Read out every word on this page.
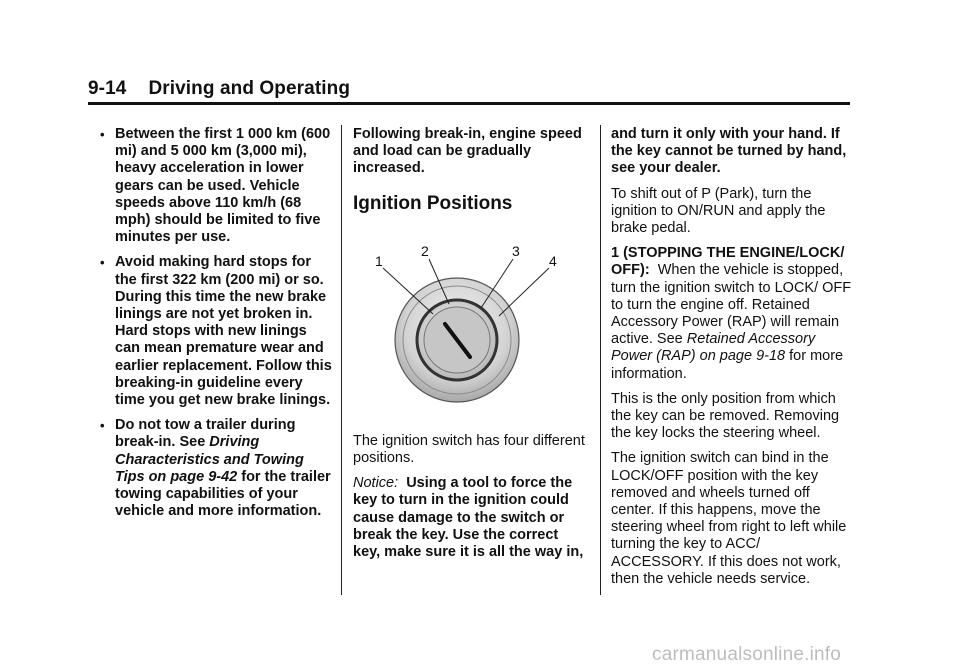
9-14 Driving and Operating
• Between the first 1 000 km (600 mi) and 5 000 km (3,000 mi), heavy acceleration in lower gears can be used. Vehicle speeds above 110 km/h (68 mph) should be limited to five minutes per use.
• Avoid making hard stops for the first 322 km (200 mi) or so. During this time the new brake linings are not yet broken in. Hard stops with new linings can mean premature wear and earlier replacement. Follow this breaking-in guideline every time you get new brake linings.
• Do not tow a trailer during break-in. See Driving Characteristics and Towing Tips on page 9-42 for the trailer towing capabilities of your vehicle and more information.

Following break-in, engine speed and load can be gradually increased.

Ignition Positions
1
2	3
4

The ignition switch has four different positions.

Notice: Using a tool to force the key to turn in the ignition could cause damage to the switch or break the key. Use the correct key, make sure it is all the way in,

and turn it only with your hand. If the key cannot be turned by hand, see your dealer.

To shift out of P (Park), turn the ignition to ON/RUN and apply the brake pedal.

1 (STOPPING THE ENGINE/LOCK/ OFF): When the vehicle is stopped, turn the ignition switch to LOCK/ OFF to turn the engine off. Retained Accessory Power (RAP) will remain active. See Retained Accessory Power (RAP) on page 9-18 for more information.

This is the only position from which the key can be removed. Removing the key locks the steering wheel.

The ignition switch can bind in the LOCK/OFF position with the key removed and wheels turned off center. If this happens, move the steering wheel from right to left while turning the key to ACC/ ACCESSORY. If this does not work, then the vehicle needs service.

carmanualsonline.info
